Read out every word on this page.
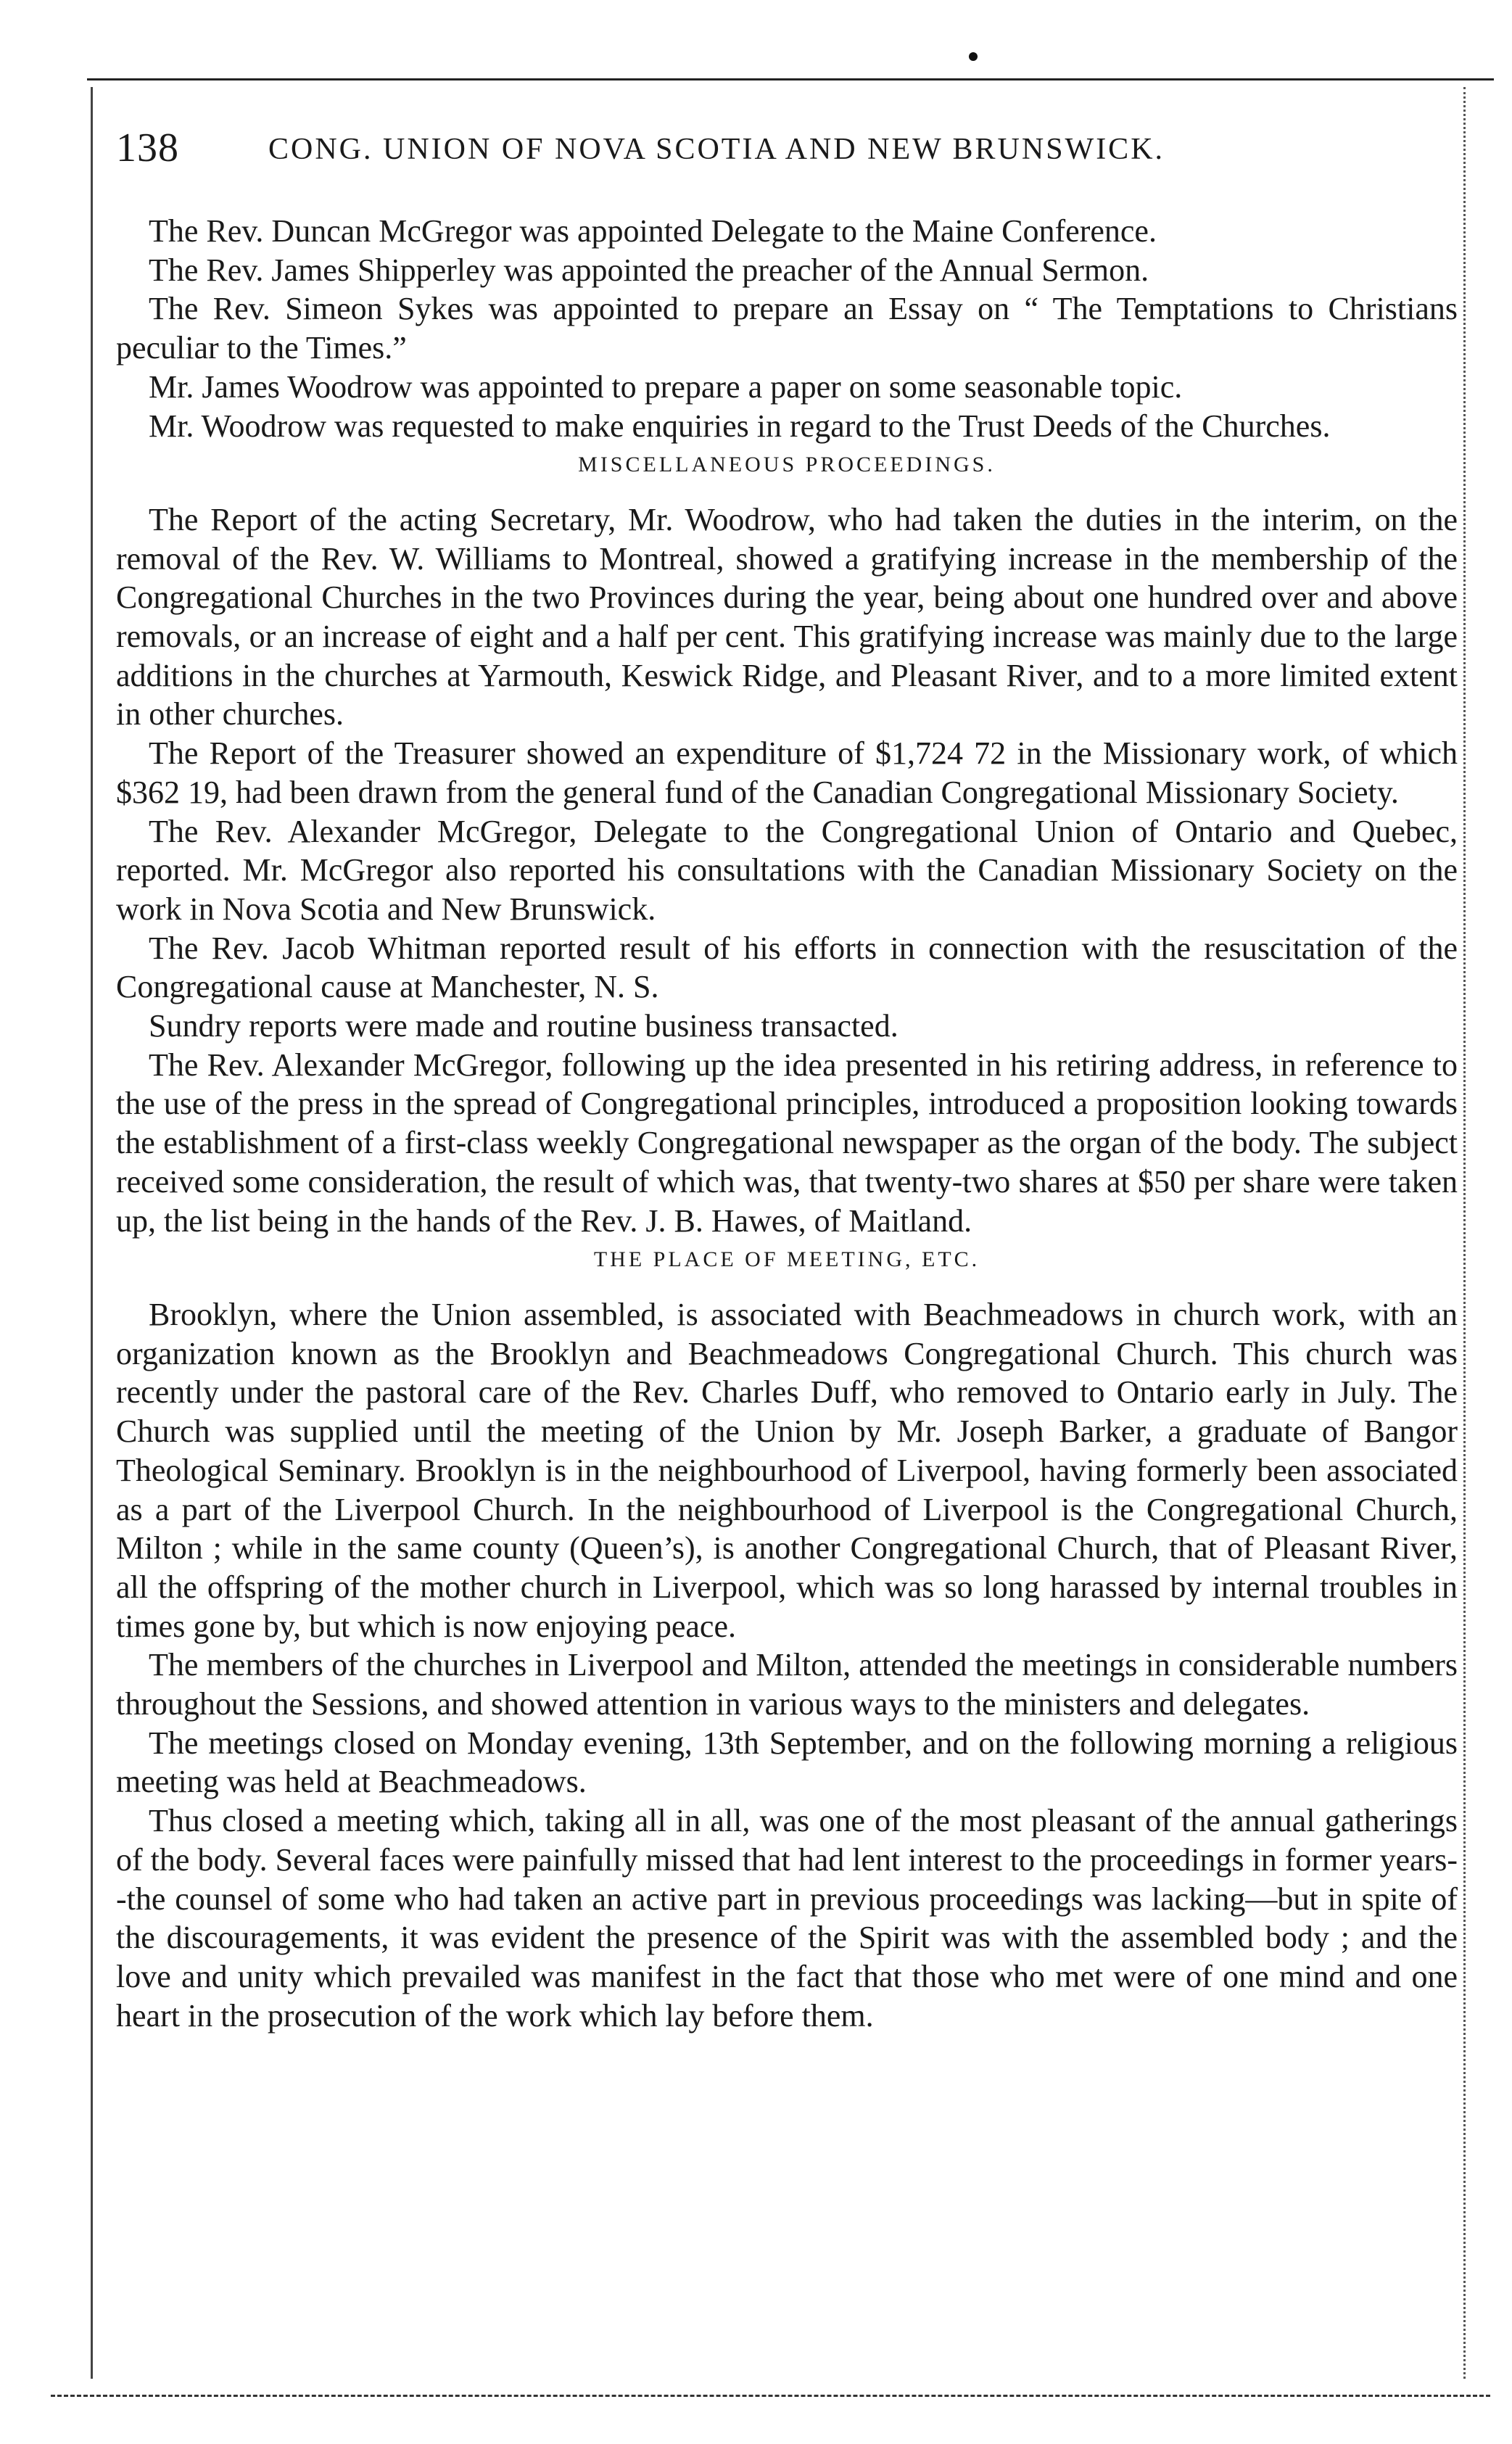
138	CONG. UNION OF NOVA SCOTIA AND NEW BRUNSWICK.

The Rev. Duncan McGregor was appointed Delegate to the Maine Conference.

The Rev. James Shipperley was appointed the preacher of the Annual Sermon.

The Rev. Simeon Sykes was appointed to prepare an Essay on “ The Temptations to Christians peculiar to the Times.”

Mr. James Woodrow was appointed to prepare a paper on some seasonable topic.

Mr. Woodrow was requested to make enquiries in regard to the Trust Deeds of the Churches.

MISCELLANEOUS PROCEEDINGS.

The Report of the acting Secretary, Mr. Woodrow, who had taken the duties in the interim, on the removal of the Rev. W. Williams to Montreal, showed a gratifying increase in the membership of the Congregational Churches in the two Provinces during the year, being about one hundred over and above removals, or an increase of eight and a half per cent. This gratifying increase was mainly due to the large additions in the churches at Yarmouth, Keswick Ridge, and Pleasant River, and to a more limited extent in other churches.

The Report of the Treasurer showed an expenditure of $1,724 72 in the Missionary work, of which $362 19, had been drawn from the general fund of the Canadian Congregational Missionary Society.

The Rev. Alexander McGregor, Delegate to the Congregational Union of Ontario and Quebec, reported. Mr. McGregor also reported his consultations with the Canadian Missionary Society on the work in Nova Scotia and New Brunswick.

The Rev. Jacob Whitman reported result of his efforts in connection with the resuscitation of the Congregational cause at Manchester, N. S.

Sundry reports were made and routine business transacted.

The Rev. Alexander McGregor, following up the idea presented in his retiring address, in reference to the use of the press in the spread of Congregational principles, introduced a proposition looking towards the establishment of a first-class weekly Congregational newspaper as the organ of the body. The subject received some consideration, the result of which was, that twenty-two shares at $50 per share were taken up, the list being in the hands of the Rev. J. B. Hawes, of Maitland.

THE PLACE OF MEETING, ETC.

Brooklyn, where the Union assembled, is associated with Beachmeadows in church work, with an organization known as the Brooklyn and Beachmeadows Congregational Church. This church was recently under the pastoral care of the Rev. Charles Duff, who removed to Ontario early in July. The Church was supplied until the meeting of the Union by Mr. Joseph Barker, a graduate of Bangor Theological Seminary. Brooklyn is in the neighbourhood of Liverpool, having formerly been associated as a part of the Liverpool Church. In the neighbourhood of Liverpool is the Congregational Church, Milton ; while in the same county (Queen’s), is another Congregational Church, that of Pleasant River, all the offspring of the mother church in Liverpool, which was so long harassed by internal troubles in times gone by, but which is now enjoying peace.

The members of the churches in Liverpool and Milton, attended the meetings in considerable numbers throughout the Sessions, and showed attention in various ways to the ministers and delegates.

The meetings closed on Monday evening, 13th September, and on the following morning a religious meeting was held at Beachmeadows.

Thus closed a meeting which, taking all in all, was one of the most pleasant of the annual gatherings of the body. Several faces were painfully missed that had lent interest to the proceedings in former years--the counsel of some who had taken an active part in previous proceedings was lacking—but in spite of the discouragements, it was evident the presence of the Spirit was with the assembled body ; and the love and unity which prevailed was manifest in the fact that those who met were of one mind and one heart in the prosecution of the work which lay before them.
